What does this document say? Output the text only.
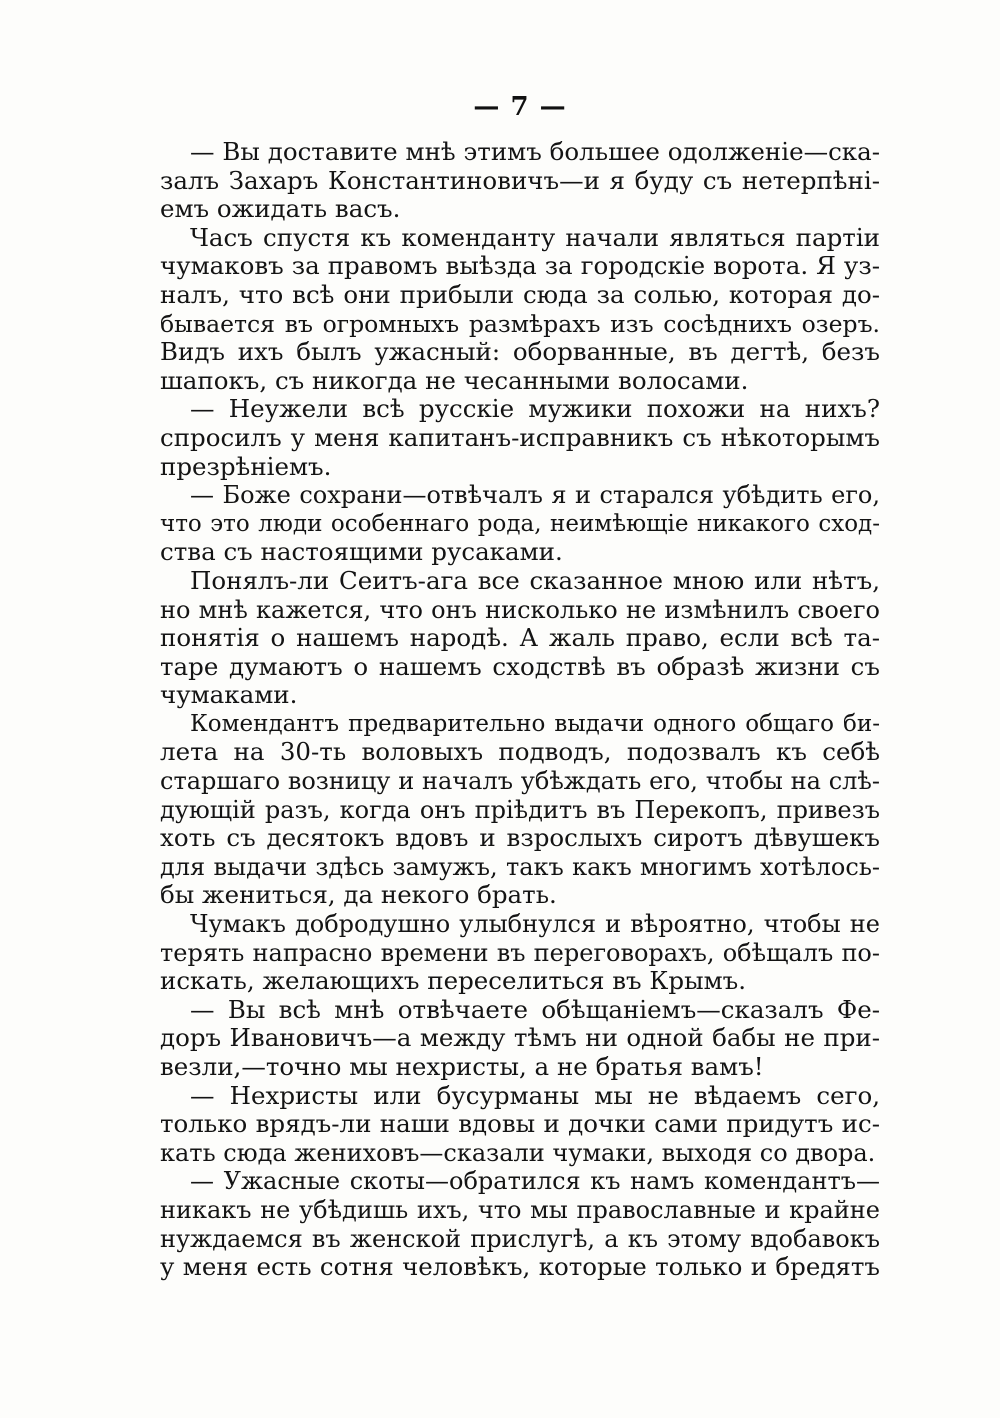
— 7 —
— Вы доставите мнѣ этимъ большее одолженіе—ска-
залъ Захаръ Константиновичъ—и я буду съ нетерпѣні-
емъ ожидать васъ.
Часъ спустя къ коменданту начали являться партіи
чумаковъ за правомъ выѣзда за городскіе ворота. Я уз-
налъ, что всѣ они прибыли сюда за солью, которая до-
бывается въ огромныхъ размѣрахъ изъ сосѣднихъ озеръ.
Видъ ихъ былъ ужасный: оборванные, въ дегтѣ, безъ
шапокъ, съ никогда не чесанными волосами.
— Неужели всѣ русскіе мужики похожи на нихъ?
спросилъ у меня капитанъ-исправникъ съ нѣкоторымъ
презрѣніемъ.
— Боже сохрани—отвѣчалъ я и старался убѣдить его,
что это люди особеннаго рода, неимѣющіе никакого сход-
ства съ настоящими русаками.
Понялъ-ли Сеитъ-ага все сказанное мною или нѣтъ,
но мнѣ кажется, что онъ нисколько не измѣнилъ своего
понятія о нашемъ народѣ. А жаль право, если всѣ та-
таре думаютъ о нашемъ сходствѣ въ образѣ жизни съ
чумаками.
Комендантъ предварительно выдачи одного общаго би-
лета на 30-ть воловыхъ подводъ, подозвалъ къ себѣ
старшаго возницу и началъ убѣждать его, чтобы на слѣ-
дующій разъ, когда онъ пріѣдитъ въ Перекопъ, привезъ
хоть съ десятокъ вдовъ и взрослыхъ сиротъ дѣвушекъ
для выдачи здѣсь замужъ, такъ какъ многимъ хотѣлось-
бы жениться, да некого брать.
Чумакъ добродушно улыбнулся и вѣроятно, чтобы не
терять напрасно времени въ переговорахъ, обѣщалъ по-
искать, желающихъ переселиться въ Крымъ.
— Вы всѣ мнѣ отвѣчаете обѣщаніемъ—сказалъ Фе-
доръ Ивановичъ—а между тѣмъ ни одной бабы не при-
везли,—точно мы нехристы, а не братья вамъ!
— Нехристы или бусурманы мы не вѣдаемъ сего,
только врядъ-ли наши вдовы и дочки сами придутъ ис-
кать сюда жениховъ—сказали чумаки, выходя со двора.
— Ужасные скоты—обратился къ намъ комендантъ—
никакъ не убѣдишь ихъ, что мы православные и крайне
нуждаемся въ женской прислугѣ, а къ этому вдобавокъ
у меня есть сотня человѣкъ, которые только и бредятъ
